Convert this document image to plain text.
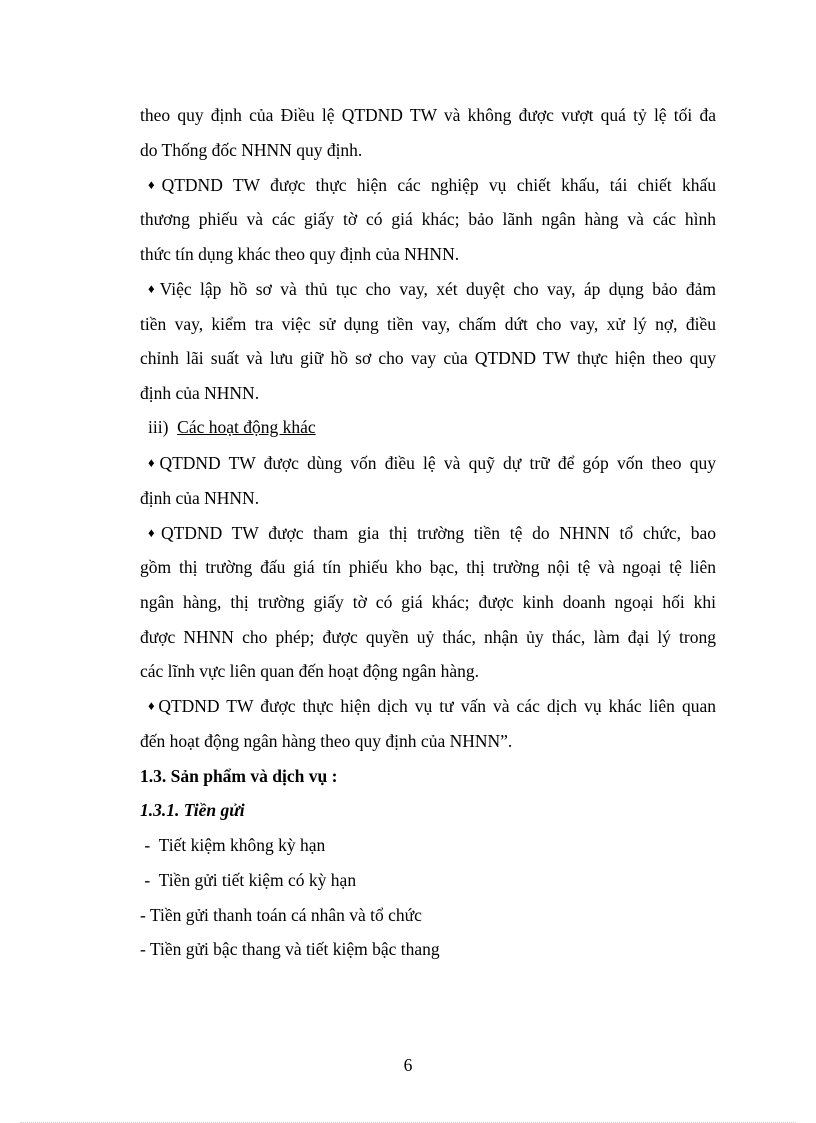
theo quy định của Điều lệ QTDND TW và không được vượt quá tỷ lệ tối đa
do Thống đốc NHNN quy định.
♦QTDND TW được thực hiện các nghiệp vụ chiết khấu, tái chiết khấu
thương phiếu và các giấy tờ có giá khác; bảo lãnh ngân hàng và các hình
thức tín dụng khác theo quy định của NHNN.
♦Việc lập hồ sơ và thủ tục cho vay, xét duyệt cho vay, áp dụng bảo đảm
tiền vay, kiểm tra việc sử dụng tiền vay, chấm dứt cho vay, xử lý nợ, điều
chỉnh lãi suất và lưu giữ hồ sơ cho vay của QTDND TW thực hiện theo quy
định của NHNN.
iii) Các hoạt động khác
♦QTDND TW được dùng vốn điều lệ và quỹ dự trữ để góp vốn theo quy
định của NHNN.
♦QTDND TW được tham gia thị trường tiền tệ do NHNN tổ chức, bao
gồm thị trường đấu giá tín phiếu kho bạc, thị trường nội tệ và ngoại tệ liên
ngân hàng, thị trường giấy tờ có giá khác; được kinh doanh ngoại hối khi
được NHNN cho phép; được quyền uỷ thác, nhận ủy thác, làm đại lý trong
các lĩnh vực liên quan đến hoạt động ngân hàng.
♦QTDND TW được thực hiện dịch vụ tư vấn và các dịch vụ khác liên quan
đến hoạt động ngân hàng theo quy định của NHNN”.
1.3. Sản phẩm và dịch vụ :
1.3.1. Tiền gửi
-  Tiết kiệm không kỳ hạn
-  Tiền gửi tiết kiệm có kỳ hạn
- Tiền gửi thanh toán cá nhân và tổ chức
- Tiền gửi bậc thang và tiết kiệm bậc thang
6
